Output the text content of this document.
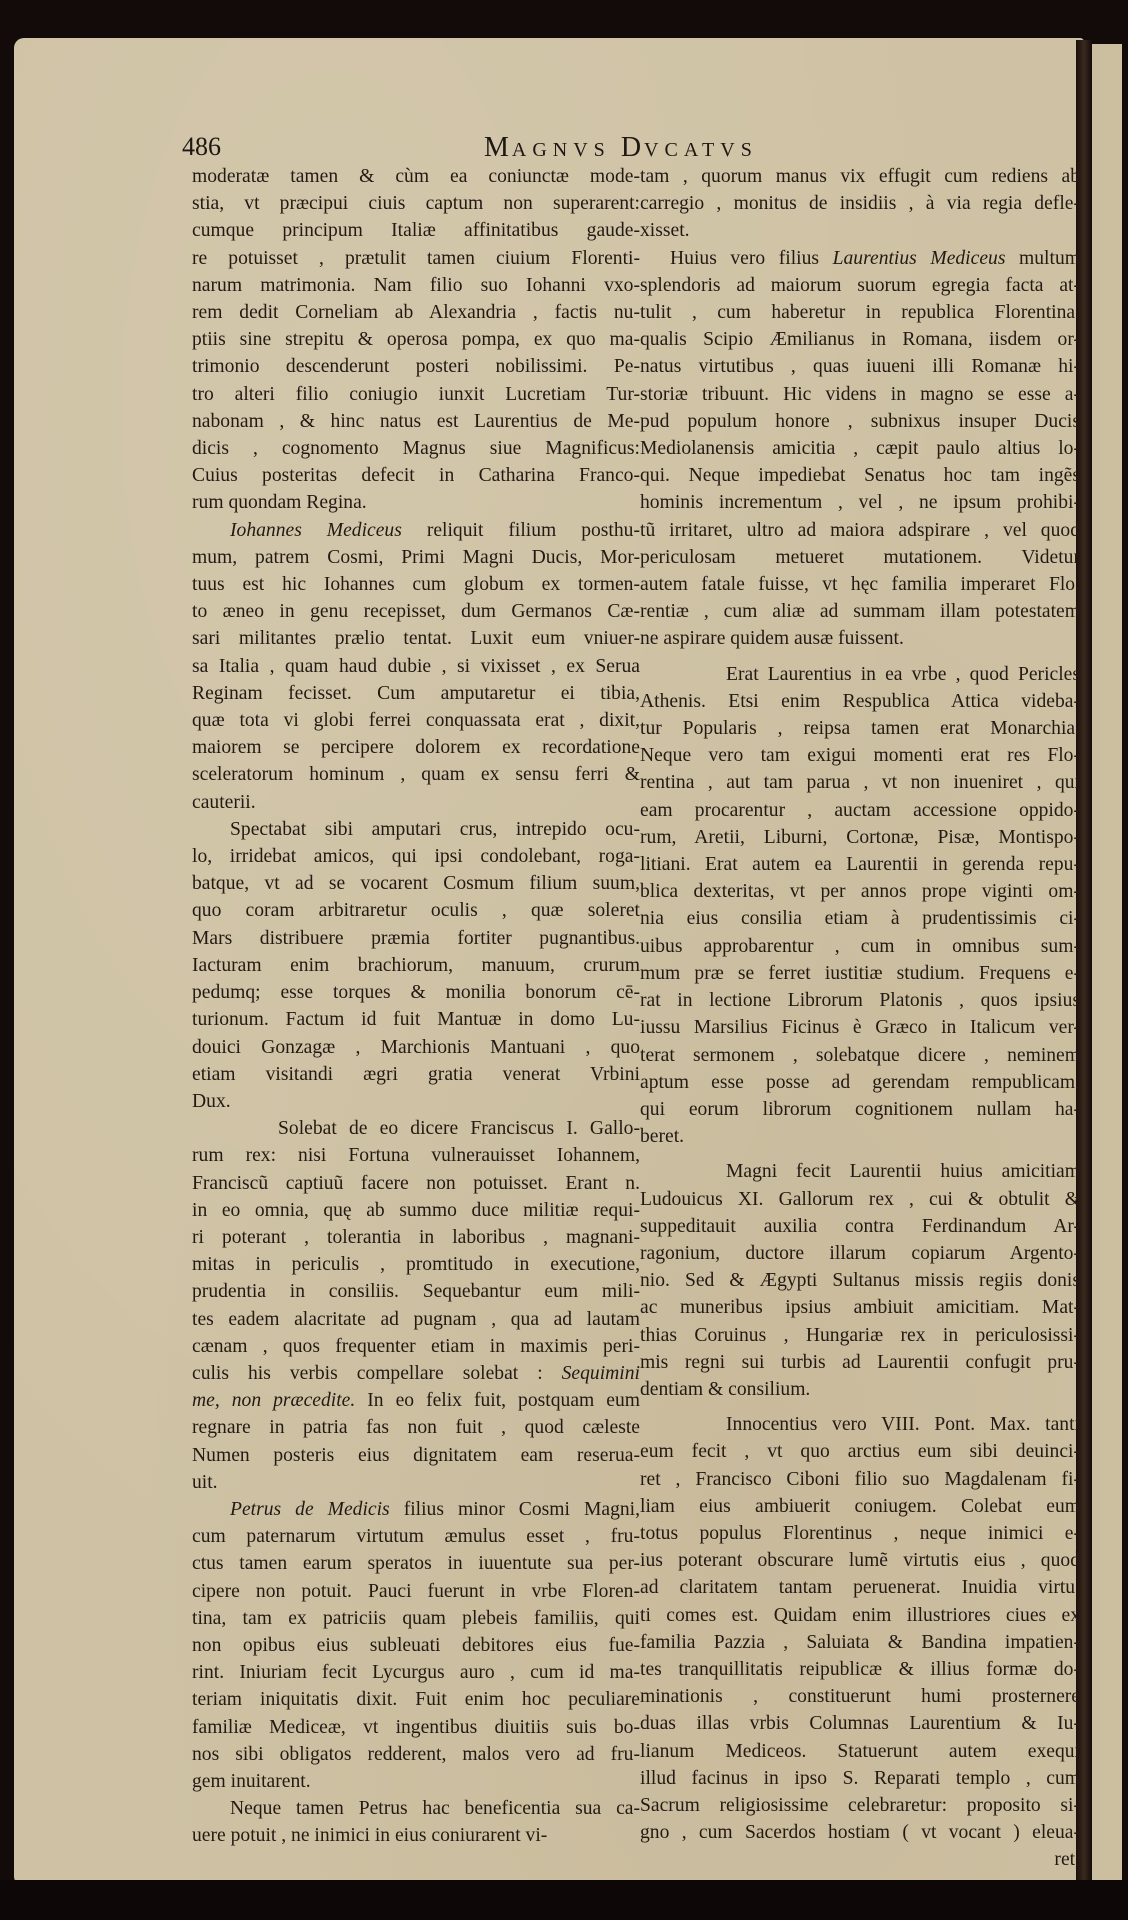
486	MAGNVS DVCATVS
moderatæ tamen & cùm ea coniunctæ mode-
stia, vt præcipui ciuis captum non superarent:
cumque principum Italiæ affinitatibus gaude-
re potuisset , prætulit tamen ciuium Florenti-
narum matrimonia. Nam filio suo Iohanni vxo-
rem dedit Corneliam ab Alexandria , factis nu-
ptiis sine strepitu & operosa pompa, ex quo ma-
trimonio descenderunt posteri nobilissimi. Pe-
tro alteri filio coniugio iunxit Lucretiam Tur-
nabonam , & hinc natus est Laurentius de Me-
dicis , cognomento Magnus siue Magnificus:
Cuius posteritas defecit in Catharina Franco-
rum quondam Regina.
Iohannes Mediceus reliquit filium posthu-
mum, patrem Cosmi, Primi Magni Ducis, Mor-
tuus est hic Iohannes cum globum ex tormen-
to æneo in genu recepisset, dum Germanos Cæ-
sari militantes prælio tentat. Luxit eum vniuer-
sa Italia , quam haud dubie , si vixisset , ex Serua
Reginam fecisset. Cum amputaretur ei tibia,
quæ tota vi globi ferrei conquassata erat , dixit,
maiorem se percipere dolorem ex recordatione
sceleratorum hominum , quam ex sensu ferri &
cauterii.
Spectabat sibi amputari crus, intrepido ocu-
lo, irridebat amicos, qui ipsi condolebant, roga-
batque, vt ad se vocarent Cosmum filium suum,
quo coram arbitraretur oculis , quæ soleret
Mars distribuere præmia fortiter pugnantibus.
Iacturam enim brachiorum, manuum, crurum
pedumq; esse torques & monilia bonorum cē-
turionum. Factum id fuit Mantuæ in domo Lu-
douici Gonzagæ , Marchionis Mantuani , quo
etiam visitandi ægri gratia venerat Vrbini
Dux.
Solebat de eo dicere Franciscus I. Gallo-
rum rex: nisi Fortuna vulnerauisset Iohannem,
Franciscũ captiuũ facere non potuisset. Erant n.
in eo omnia, quę ab summo duce militiæ requi-
ri poterant , tolerantia in laboribus , magnani-
mitas in periculis , promtitudo in executione,
prudentia in consiliis. Sequebantur eum mili-
tes eadem alacritate ad pugnam , qua ad lautam
cænam , quos frequenter etiam in maximis peri-
culis his verbis compellare solebat : Sequimini
me, non præcedite. In eo felix fuit, postquam eum
regnare in patria fas non fuit , quod cæleste
Numen posteris eius dignitatem eam reserua-
uit.
Petrus de Medicis filius minor Cosmi Magni,
cum paternarum virtutum æmulus esset , fru-
ctus tamen earum speratos in iuuentute sua per-
cipere non potuit. Pauci fuerunt in vrbe Floren-
tina, tam ex patriciis quam plebeis familiis, qui
non opibus eius subleuati debitores eius fue-
rint. Iniuriam fecit Lycurgus auro , cum id ma-
teriam iniquitatis dixit. Fuit enim hoc peculiare
familiæ Mediceæ, vt ingentibus diuitiis suis bo-
nos sibi obligatos redderent, malos vero ad fru-
gem inuitarent.
Neque tamen Petrus hac beneficentia sua ca-
uere potuit , ne inimici in eius coniurarent vi-
tam , quorum manus vix effugit cum rediens ab
carregio , monitus de insidiis , à via regia defle-
xisset.
Huius vero filius Laurentius Mediceus multum
splendoris ad maiorum suorum egregia facta at-
tulit , cum haberetur in republica Florentina,
qualis Scipio Æmilianus in Romana, iisdem or-
natus virtutibus , quas iuueni illi Romanæ hi-
storiæ tribuunt. Hic videns in magno se esse a-
pud populum honore , subnixus insuper Ducis
Mediolanensis amicitia , cæpit paulo altius lo-
qui. Neque impediebat Senatus hoc tam ingẽs
hominis incrementum , vel , ne ipsum prohibi-
tũ irritaret, ultro ad maiora adspirare , vel quod
periculosam metueret mutationem. Videtur
autem fatale fuisse, vt hęc familia imperaret Flo.
rentiæ , cum aliæ ad summam illam potestatem
ne aspirare quidem ausæ fuissent.
Erat Laurentius in ea vrbe , quod Pericles
Athenis. Etsi enim Respublica Attica videba-
tur Popularis , reipsa tamen erat Monarchia.
Neque vero tam exigui momenti erat res Flo-
rentina , aut tam parua , vt non inueniret , qui
eam procarentur , auctam accessione oppido-
rum, Aretii, Liburni, Cortonæ, Pisæ, Montispo-
litiani. Erat autem ea Laurentii in gerenda repu-
blica dexteritas, vt per annos prope viginti om-
nia eius consilia etiam à prudentissimis ci-
uibus approbarentur , cum in omnibus sum-
mum præ se ferret iustitiæ studium. Frequens e-
rat in lectione Librorum Platonis , quos ipsius
iussu Marsilius Ficinus è Græco in Italicum ver-
terat sermonem , solebatque dicere , neminem
aptum esse posse ad gerendam rempublicam,
qui eorum librorum cognitionem nullam ha-
beret.
Magni fecit Laurentii huius amicitiam
Ludouicus XI. Gallorum rex , cui & obtulit &
suppeditauit auxilia contra Ferdinandum Ar-
ragonium, ductore illarum copiarum Argento-
nio. Sed & Ægypti Sultanus missis regiis donis
ac muneribus ipsius ambiuit amicitiam. Mat-
thias Coruinus , Hungariæ rex in periculosissi-
mis regni sui turbis ad Laurentii confugit pru-
dentiam & consilium.
Innocentius vero VIII. Pont. Max. tanti
eum fecit , vt quo arctius eum sibi deuinci-
ret , Francisco Ciboni filio suo Magdalenam fi-
liam eius ambiuerit coniugem. Colebat eum
totus populus Florentinus , neque inimici e-
ius poterant obscurare lumẽ virtutis eius , quod
ad claritatem tantam peruenerat. Inuidia virtu.
ti comes est. Quidam enim illustriores ciues ex
familia Pazzia , Saluiata & Bandina impatien-
tes tranquillitatis reipublicæ & illius formæ do-
minationis , constituerunt humi prosternere
duas illas vrbis Columnas Laurentium & Iu-
lianum Mediceos. Statuerunt autem exequi
illud facinus in ipso S. Reparati templo , cum
Sacrum religiosissime celebraretur: proposito si-
gno , cum Sacerdos hostiam ( vt vocant ) eleua-
ret,
